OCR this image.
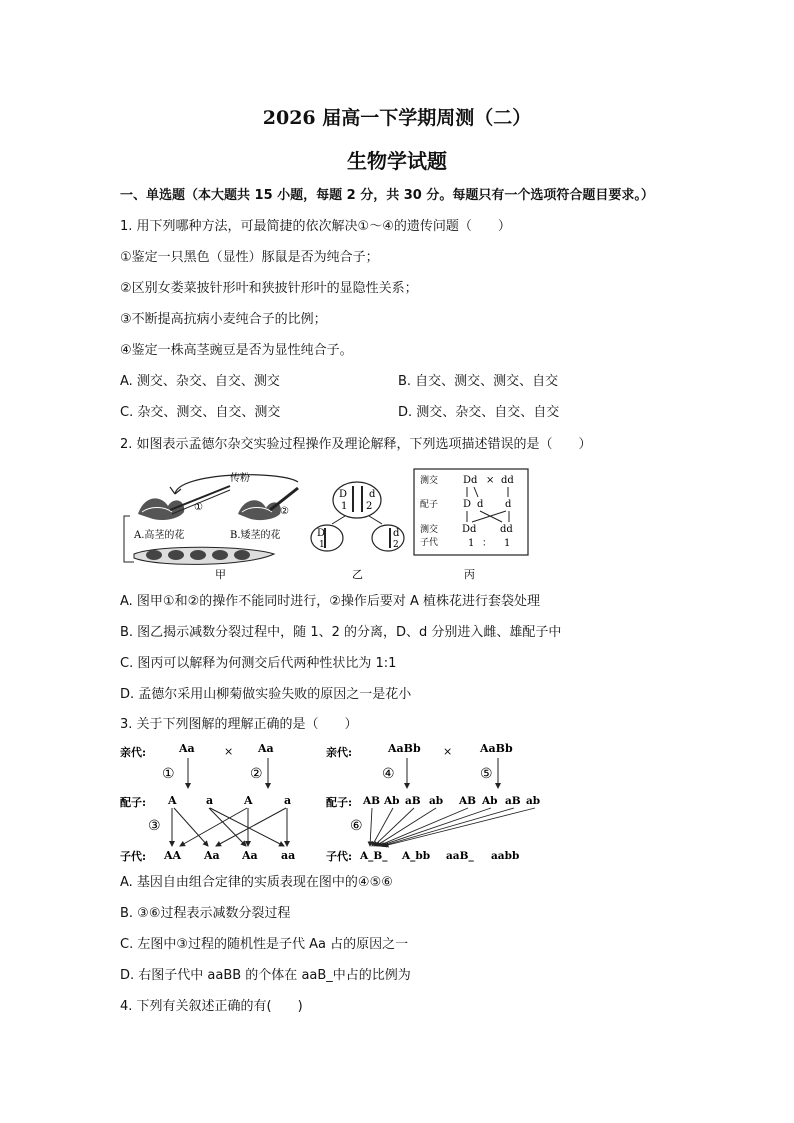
2026 届高一下学期周测（二）
生物学试题
一、单选题（本大题共 15 小题，每题 2 分，共 30 分。每题只有一个选项符合题目要求。）
1. 用下列哪种方法，可最简捷的依次解决①～④的遗传问题（　　）
①鉴定一只黑色（显性）豚鼠是否为纯合子；
②区别女娄菜披针形叶和狭披针形叶的显隐性关系；
③不断提高抗病小麦纯合子的比例；
④鉴定一株高茎豌豆是否为显性纯合子。
A. 测交、杂交、自交、测交	B. 自交、测交、测交、自交
C. 杂交、测交、自交、测交	D. 测交、杂交、自交、自交
2. 如图表示孟德尔杂交实验过程操作及理论解释，下列选项描述错误的是（　　）
传粉
①	②
A.高茎的花	B.矮茎的花
甲
D d
1 2
D
1
d
2
乙
测交 Dd × dd
配子 D d d
测交
子代
Dd dd
1 ： 1
丙
A. 图甲①和②的操作不能同时进行，②操作后要对 A 植株花进行套袋处理
B. 图乙揭示减数分裂过程中，随 1、2 的分离，D、d 分别进入雌、雄配子中
C. 图丙可以解释为何测交后代两种性状比为 1:1
D. 孟德尔采用山柳菊做实验失败的原因之一是花小
3. 关于下列图解的理解正确的是（　　）
亲代:	Aa	× Aa
①	②
配子: A	a	A	a
③
子代: AA Aa Aa aa
亲代:	AaBb ×	AaBb
④	⑤
配子: AB Ab aB ab AB Ab aB ab
⑥
子代: A_B_ A_bb aaB_ aabb
A. 基因自由组合定律的实质表现在图中的④⑤⑥
B. ③⑥过程表示减数分裂过程
C. 左图中③过程的随机性是子代 Aa 占的原因之一
D. 右图子代中 aaBB 的个体在 aaB_中占的比例为
4. 下列有关叙述正确的有(　　)
